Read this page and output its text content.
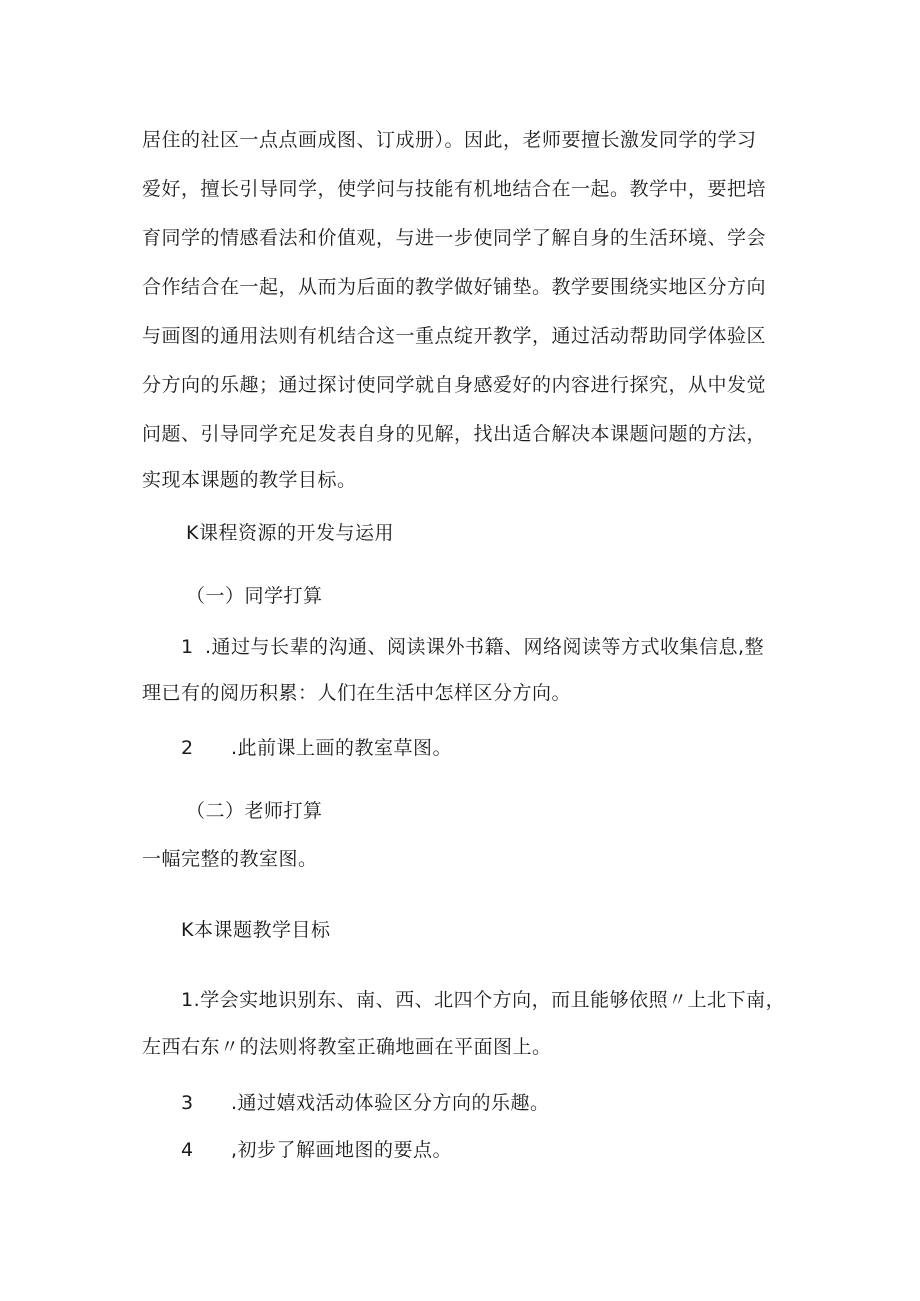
居住的社区一点点画成图、订成册）。因此，老师要擅长激发同学的学习
爱好，擅长引导同学，使学问与技能有机地结合在一起。教学中，要把培
育同学的情感看法和价值观，与进一步使同学了解自身的生活环境、学会
合作结合在一起，从而为后面的教学做好铺垫。教学要围绕实地区分方向
与画图的通用法则有机结合这一重点绽开教学，通过活动帮助同学体验区
分方向的乐趣；通过探讨使同学就自身感爱好的内容进行探究，从中发觉
问题、引导同学充足发表自身的见解，找出适合解决本课题问题的方法，
实现本课题的教学目标。
K课程资源的开发与运用
（一）同学打算
1 .通过与长辈的沟通、阅读课外书籍、网络阅读等方式收集信息,整
理已有的阅历积累：人们在生活中怎样区分方向。
2 .此前课上画的教室草图。
（二）老师打算
一幅完整的教室图。
K本课题教学目标
1.学会实地识别东、南、西、北四个方向，而且能够依照〃上北下南，
左西右东〃的法则将教室正确地画在平面图上。
3 .通过嬉戏活动体验区分方向的乐趣。
4 ,初步了解画地图的要点。
